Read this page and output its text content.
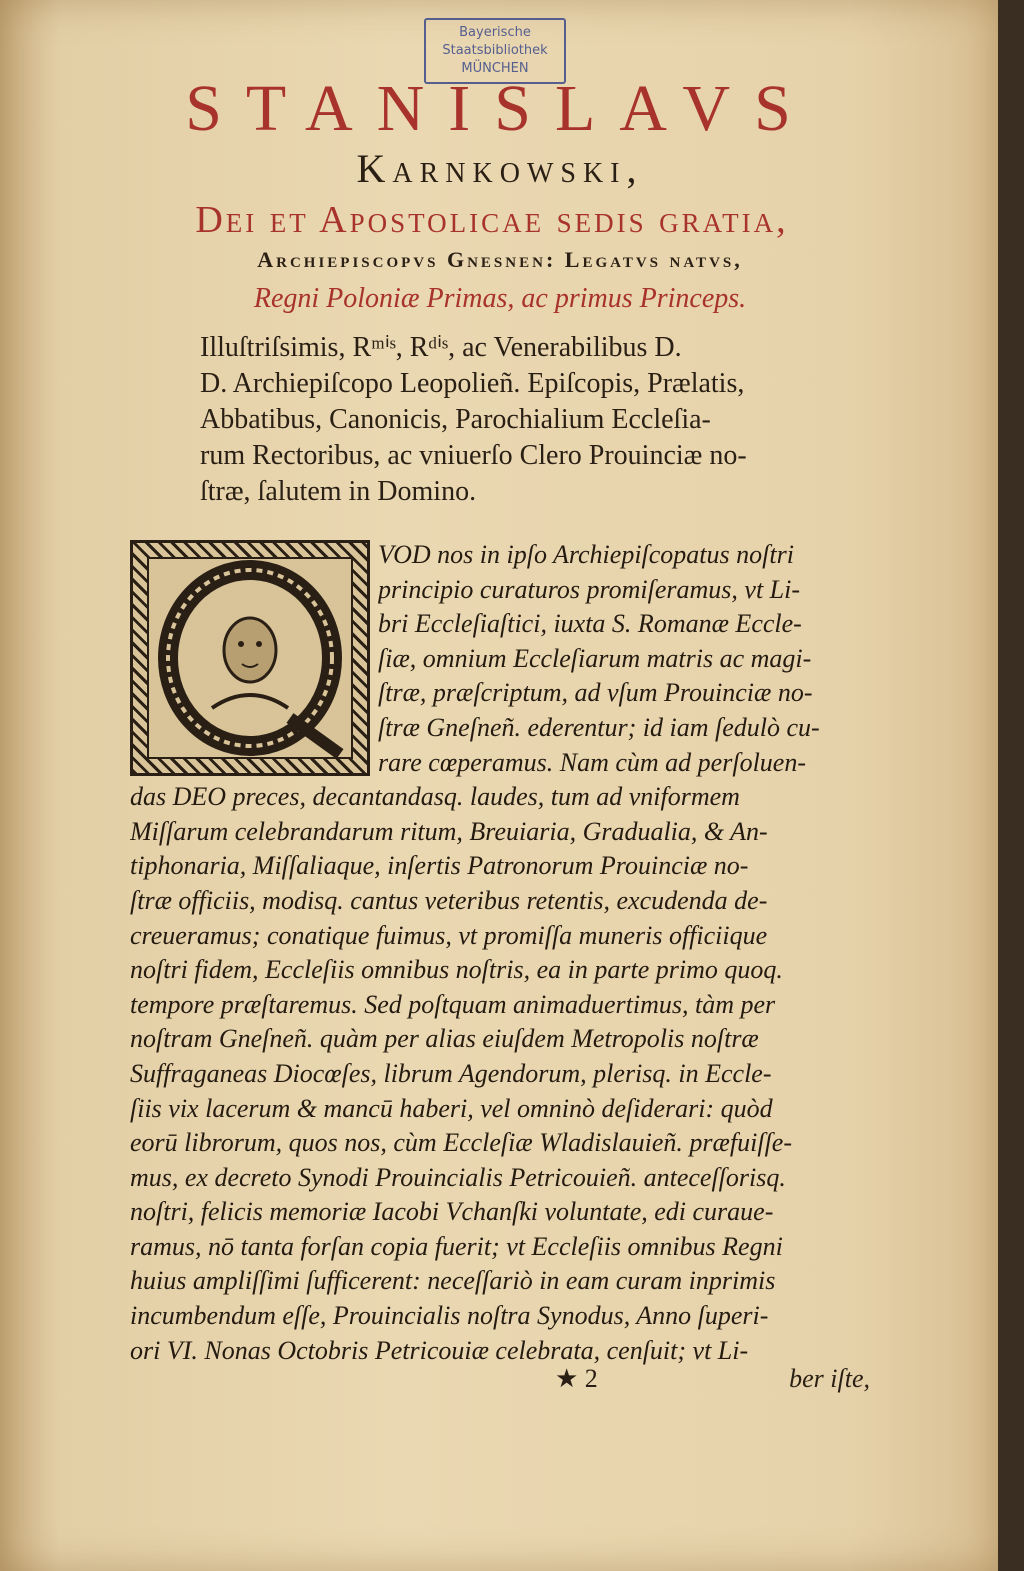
Bayerische
Staatsbibliothek
MÜNCHEN
STANISLAVS
Karnkowski,
Dei et Apostolicae sedis gratia,
Archiepiscopvs Gnesnen: Legatvs natvs,
Regni Poloniæ Primas, ac primus Princeps.
Illuſtriſsimis, Rᵐⁱˢ, Rᵈⁱˢ, ac Venerabilibus D.
D. Archiepiſcopo Leopolieñ. Epiſcopis, Prælatis,
Abbatibus, Canonicis, Parochialium Eccleſia-
rum Rectoribus, ac vniuerſo Clero Prouinciæ no-
ſtræ, ſalutem in Domino.
VOD nos in ipſo Archiepiſcopatus noſtri
principio curaturos promiſeramus, vt Li-
bri Eccleſiaſtici, iuxta S. Romanæ Eccle-
ſiæ, omnium Eccleſiarum matris ac magi-
ſtræ, præſcriptum, ad vſum Prouinciæ no-
ſtræ Gneſneñ. ederentur; id iam ſedulò cu-
rare cœperamus. Nam cùm ad perſoluen-
das DEO preces, decantandasq. laudes, tum ad vniformem
Miſſarum celebrandarum ritum, Breuiaria, Gradualia, & An-
tiphonaria, Miſſaliaque, inſertis Patronorum Prouinciæ no-
ſtræ officiis, modisq. cantus veteribus retentis, excudenda de-
creueramus; conatique fuimus, vt promiſſa muneris officiique
noſtri fidem, Eccleſiis omnibus noſtris, ea in parte primo quoq.
tempore præſtaremus. Sed poſtquam animaduertimus, tàm per
noſtram Gneſneñ. quàm per alias eiuſdem Metropolis noſtræ
Suffraganeas Diocœſes, librum Agendorum, plerisq. in Eccle-
ſiis vix lacerum & mancū haberi, vel omninò deſiderari: quòd
eorū librorum, quos nos, cùm Eccleſiæ Wladislauieñ. præfuiſſe-
mus, ex decreto Synodi Prouincialis Petricouieñ. anteceſſorisq.
noſtri, felicis memoriæ Iacobi Vchanſki voluntate, edi curaue-
ramus, nō tanta forſan copia fuerit; vt Eccleſiis omnibus Regni
huius ampliſſimi ſufficerent: neceſſariò in eam curam inprimis
incumbendum eſſe, Prouincialis noſtra Synodus, Anno ſuperi-
ori VI. Nonas Octobris Petricouiæ celebrata, cenſuit; vt Li-
★ 2	ber iſte,
